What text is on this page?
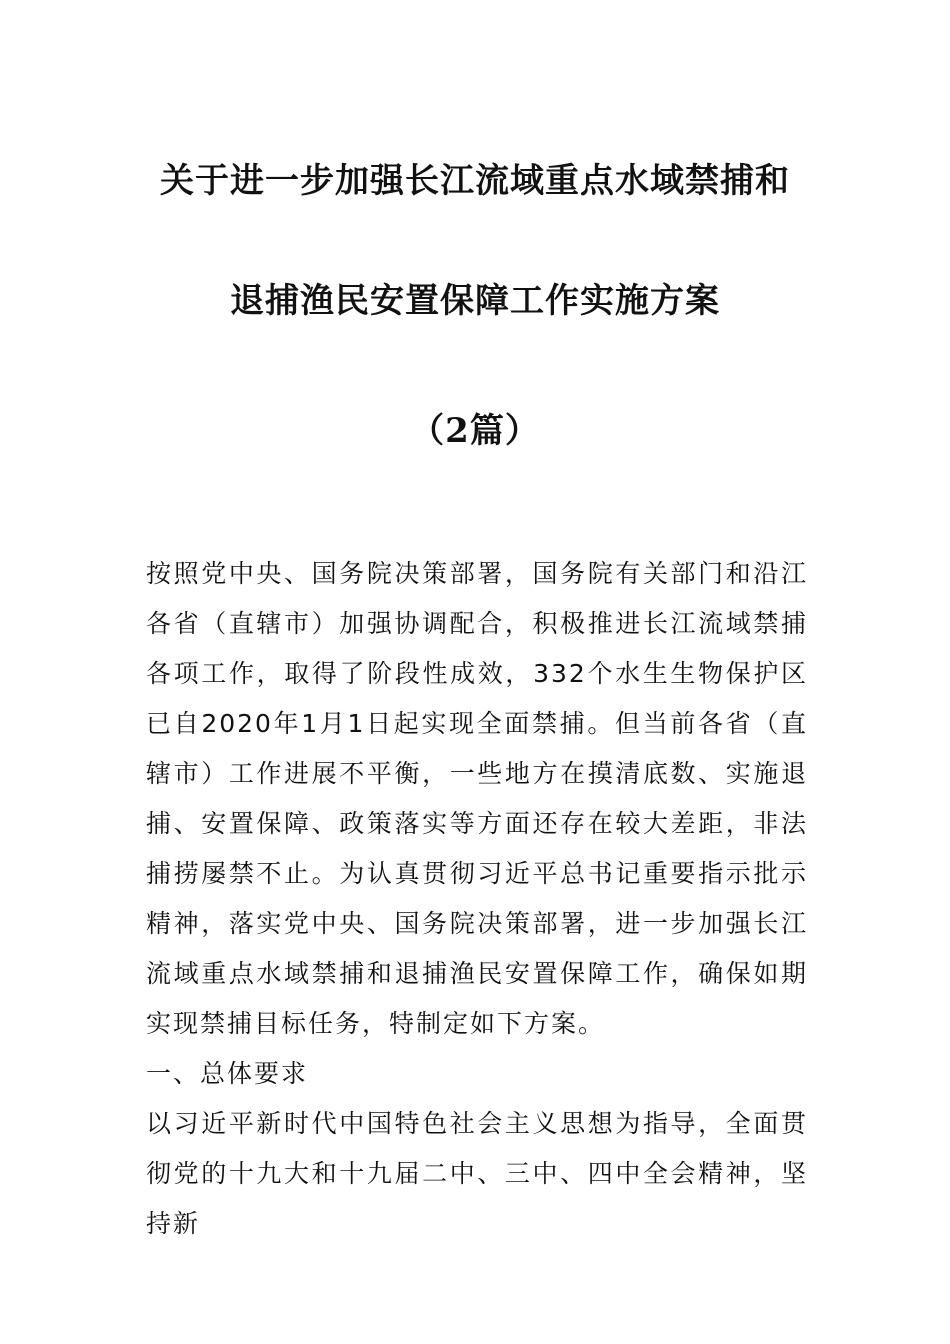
关于进一步加强长江流域重点水域禁捕和
退捕渔民安置保障工作实施方案
（2篇）

按照党中央、国务院决策部署，国务院有关部门和沿江各省（直辖市）加强协调配合，积极推进长江流域禁捕各项工作，取得了阶段性成效，332个水生生物保护区已自2020年1月1日起实现全面禁捕。但当前各省（直辖市）工作进展不平衡，一些地方在摸清底数、实施退捕、安置保障、政策落实等方面还存在较大差距，非法捕捞屡禁不止。为认真贯彻习近平总书记重要指示批示精神，落实党中央、国务院决策部署，进一步加强长江流域重点水域禁捕和退捕渔民安置保障工作，确保如期实现禁捕目标任务，特制定如下方案。

一、总体要求

以习近平新时代中国特色社会主义思想为指导，全面贯彻党的十九大和十九届二中、三中、四中全会精神，坚持新
